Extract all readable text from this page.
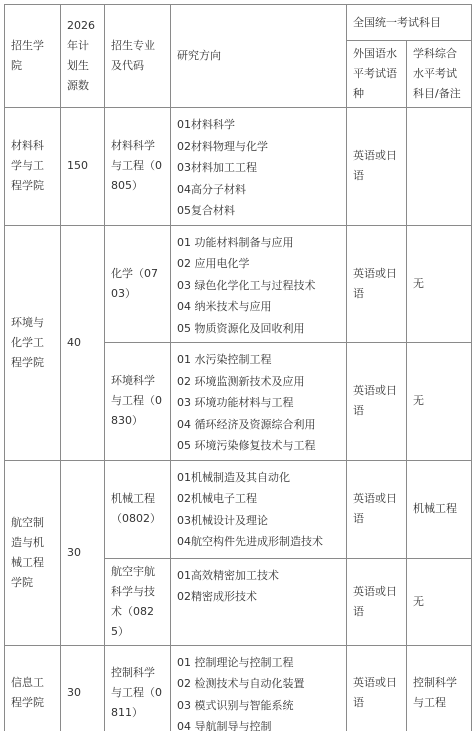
招生学院	2026年计划生源数	招生专业及代码	研究方向	全国统一考试科目	
				外国语水平考试语种	学科综合水平考试科目/备注
材料科学与工程学院	150	材料科学与工程（0805）	01材料科学
02材料物理与化学
03材料加工工程
04高分子材料
05复合材料	英语或日语	
环境与化学工程学院	40	化学（0703）	01 功能材料制备与应用
02 应用电化学
03 绿色化学化工与过程技术
04 纳米技术与应用
05 物质资源化及回收利用	英语或日语	无
		环境科学与工程（0830）	01 水污染控制工程
02 环境监测新技术及应用
03 环境功能材料与工程
04 循环经济及资源综合利用
05 环境污染修复技术与工程	英语或日语	无
航空制造与机械工程学院	30	机械工程（0802）	01机械制造及其自动化
02机械电子工程
03机械设计及理论
04航空构件先进成形制造技术	英语或日语	机械工程
		航空宇航科学与技术（0825）	01高效精密加工技术
02精密成形技术	英语或日语	无
信息工程学院	30	控制科学与工程（0811）	01 控制理论与控制工程
02 检测技术与自动化装置
03 模式识别与智能系统
04 导航制导与控制	英语或日语	控制科学与工程
